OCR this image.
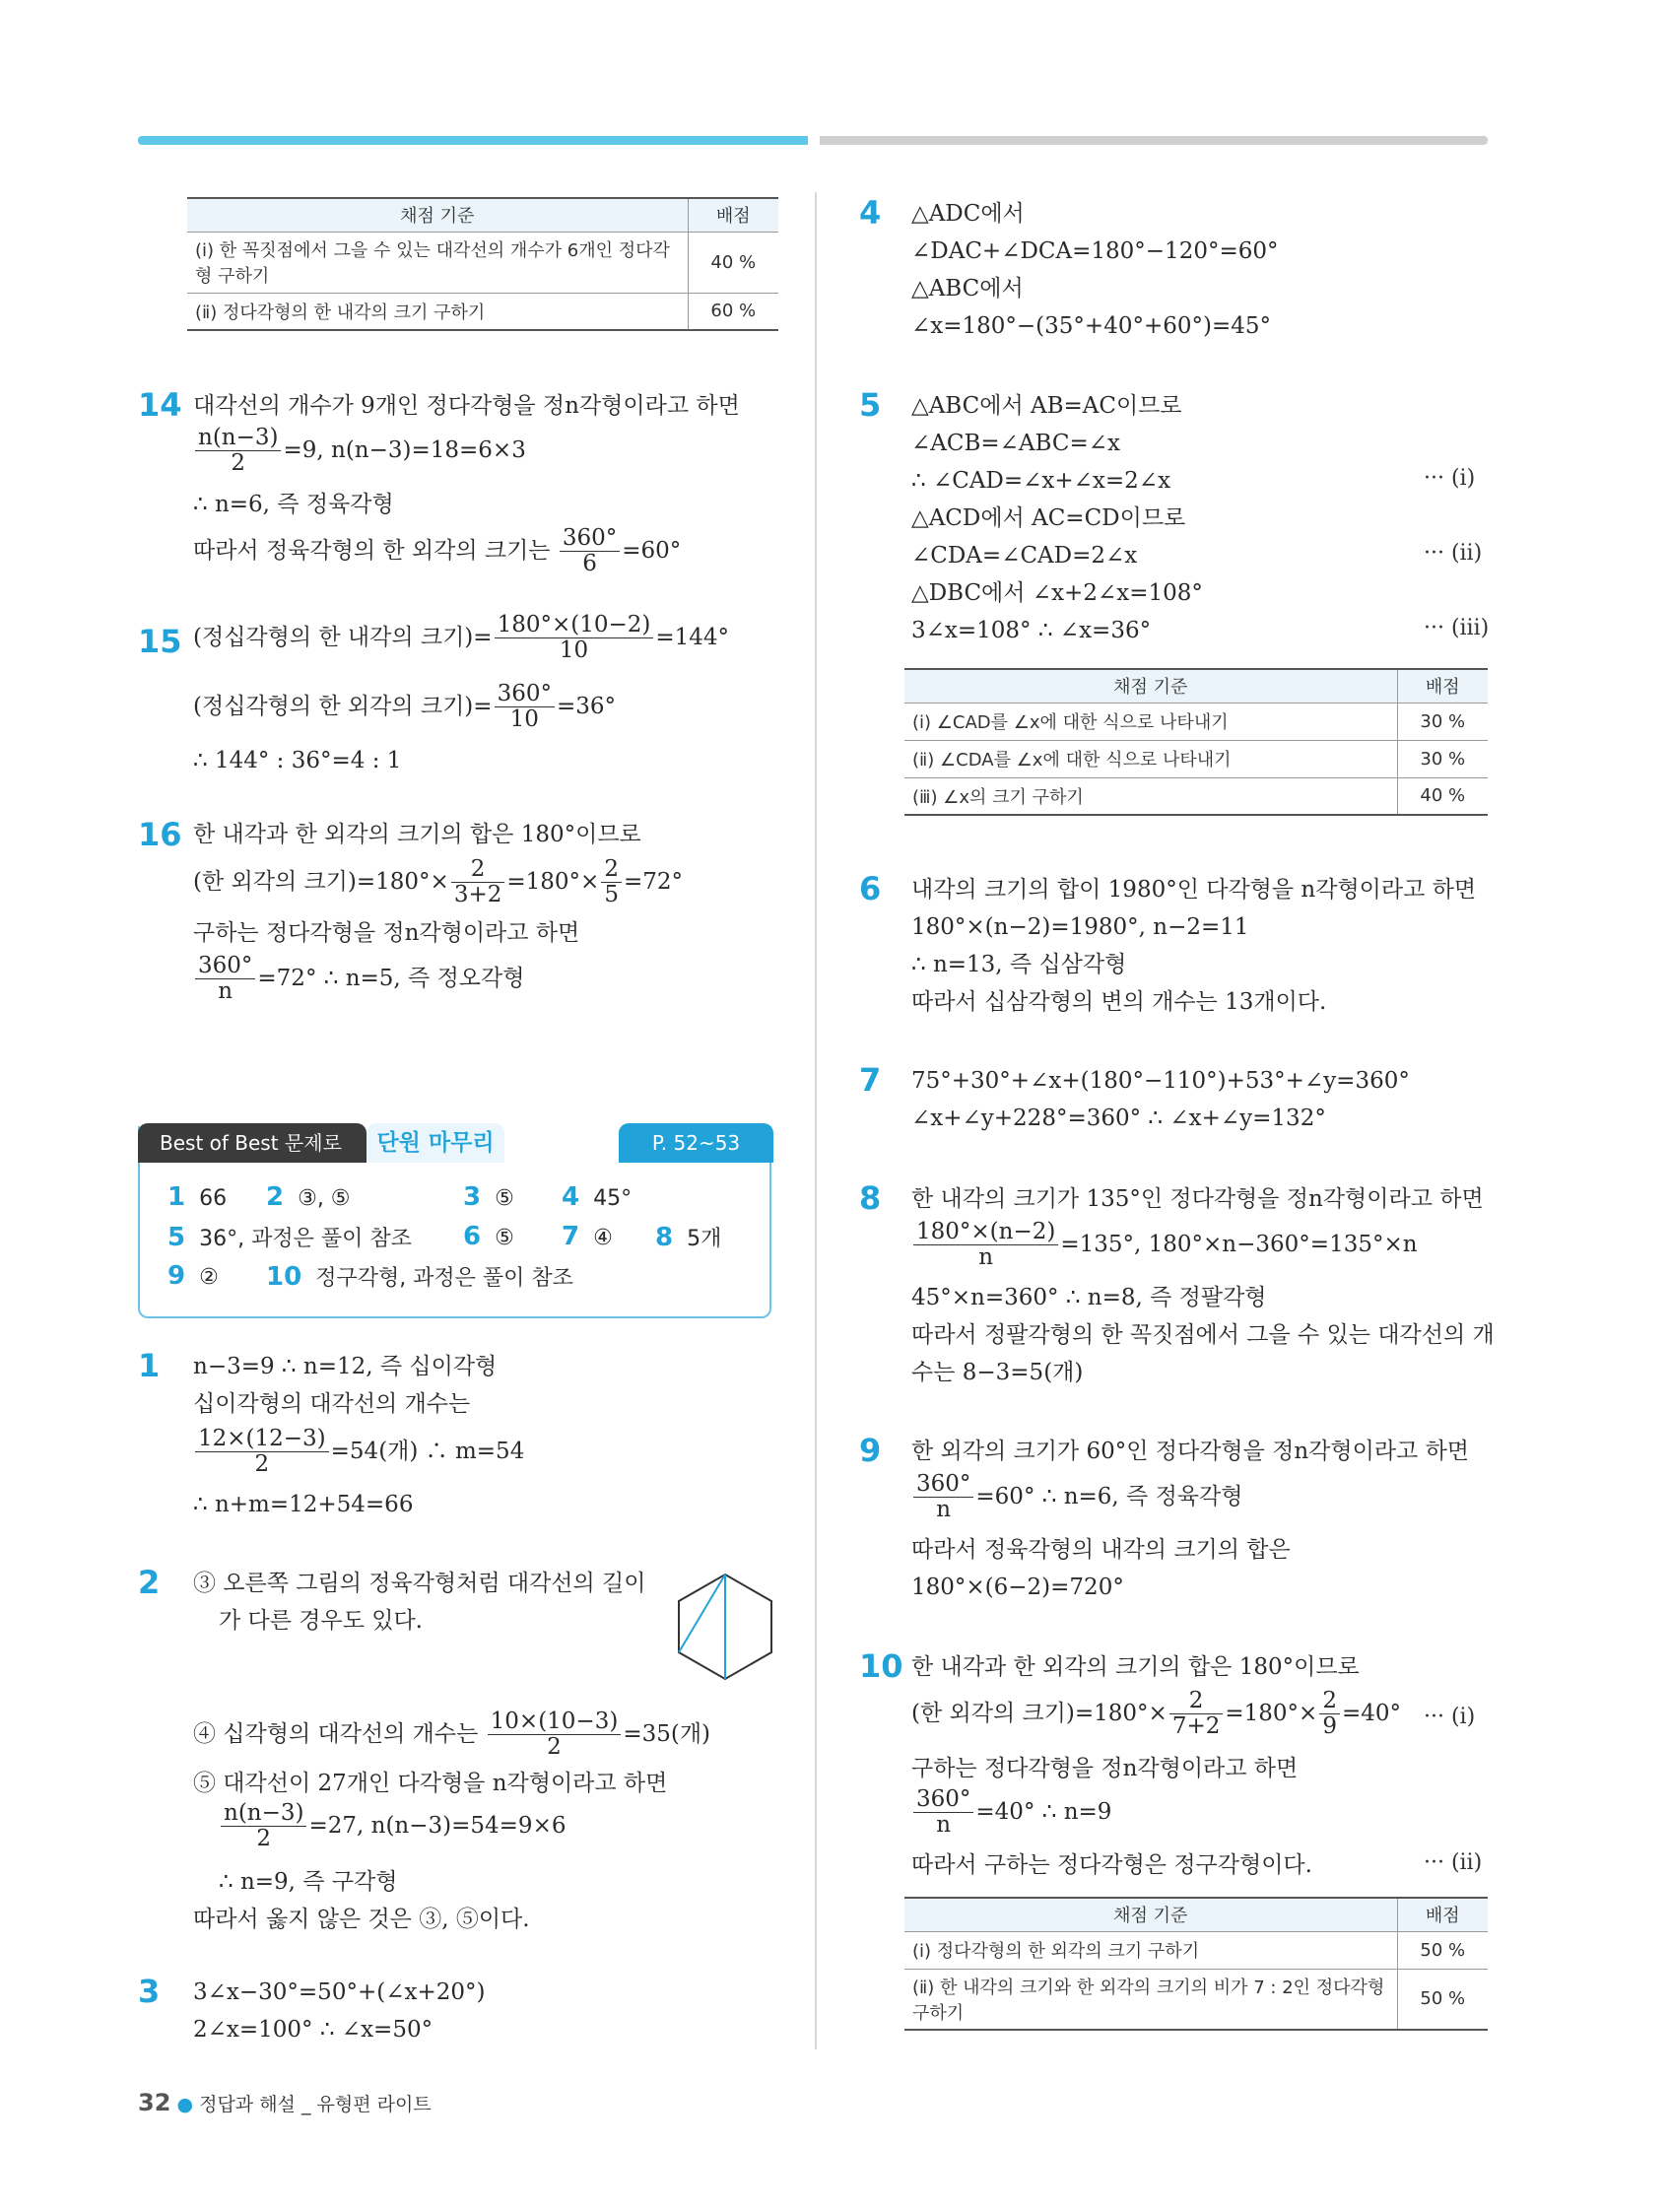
채점 기준	배점
(ⅰ) 한 꼭짓점에서 그을 수 있는 대각선의 개수가 6개인 정다각형 구하기	40 %
(ⅱ) 정다각형의 한 내각의 크기 구하기	60 %
14 대각선의 개수가 9개인 정다각형을 정n각형이라고 하면
$\frac{n(n-3)}{2} =9$, n(n−3)=18=6×3
∴ n=6, 즉 정육각형
따라서 정육각형의 한 외각의 크기는 $\frac{360^\circ}{6} =60^\circ$
15 (정십각형의 한 내각의 크기)= $\frac{180^\circ\times(10-2)}{10} =144^\circ$
(정십각형의 한 외각의 크기)= $\frac{360^\circ}{10} =36^\circ$
∴ 144° : 36°=4 : 1
16 한 내각과 한 외각의 크기의 합은 180°이므로
(한 외각의 크기)$=180^\circ\times \frac{2}{3+2} =180^\circ\times \frac{2}{5} =72^\circ$
구하는 정다각형을 정n각형이라고 하면
$\frac{360^\circ}{n} =72^\circ$ ∴ n=5, 즉 정오각형
Best of Best 문제로	단원 마무리	P. 52~53
1 66 2 ③, ⑤	3 ⑤ 4 45°
5 36°, 과정은 풀이 참조 6 ⑤ 7 ④ 8 5개
9 ② 10 정구각형, 과정은 풀이 참조
1 n−3=9 ∴ n=12, 즉 십이각형
십이각형의 대각선의 개수는
$\frac{12\times(12-3)}{2} =54$(개) ∴ m=54
∴ n+m=12+54=66
2 ③ 오른쪽 그림의 정육각형처럼 대각선의 길이
가 다른 경우도 있다.
④ 십각형의 대각선의 개수는 $\frac{10\times(10-3)}{2} =35$(개)
⑤ 대각선이 27개인 다각형을 n각형이라고 하면
$\frac{n(n-3)}{2} =27$, n(n−3)=54=9×6
∴ n=9, 즉 구각형
따라서 옳지 않은 것은 ③, ⑤이다.
3 3∠x−30°=50°+(∠x+20°)
2∠x=100° ∴ ∠x=50°
4 △ADC에서
∠DAC+∠DCA=180°−120°=60°
△ABC에서
∠x=180°−(35°+40°+60°)=45°
5 △ABC에서 AB=AC이므로
∠ACB=∠ABC=∠x
∴ ∠CAD=∠x+∠x=2∠x	··· (ⅰ)
△ACD에서 AC=CD이므로
∠CDA=∠CAD=2∠x	··· (ⅱ)
△DBC에서 ∠x+2∠x=108°
3∠x=108° ∴ ∠x=36°	··· (ⅲ)
채점 기준	배점
(ⅰ) ∠CAD를 ∠x에 대한 식으로 나타내기	30 %
(ⅱ) ∠CDA를 ∠x에 대한 식으로 나타내기	30 %
(ⅲ) ∠x의 크기 구하기	40 %
6 내각의 크기의 합이 1980°인 다각형을 n각형이라고 하면
180°×(n−2)=1980°, n−2=11
∴ n=13, 즉 십삼각형
따라서 십삼각형의 변의 개수는 13개이다.
7 75°+30°+∠x+(180°−110°)+53°+∠y=360°
∠x+∠y+228°=360° ∴ ∠x+∠y=132°
8 한 내각의 크기가 135°인 정다각형을 정n각형이라고 하면
$\frac{180^\circ\times(n-2)}{n} =135^\circ$, 180°×n−360°=135°×n
45°×n=360° ∴ n=8, 즉 정팔각형
따라서 정팔각형의 한 꼭짓점에서 그을 수 있는 대각선의 개
수는 8−3=5(개)
9 한 외각의 크기가 60°인 정다각형을 정n각형이라고 하면
$\frac{360^\circ}{n} =60^\circ$ ∴ n=6, 즉 정육각형
따라서 정육각형의 내각의 크기의 합은
180°×(6−2)=720°
10 한 내각과 한 외각의 크기의 합은 180°이므로
(한 외각의 크기)$=180^\circ\times \frac{2}{7+2} =180^\circ\times \frac{2}{9} =40^\circ$ ··· (ⅰ)
구하는 정다각형을 정n각형이라고 하면
$\frac{360^\circ}{n} =40^\circ$ ∴ n=9
따라서 구하는 정다각형은 정구각형이다.	··· (ⅱ)
채점 기준	배점
(ⅰ) 정다각형의 한 외각의 크기 구하기	50 %
(ⅱ) 한 내각의 크기와 한 외각의 크기의 비가 7 : 2인 정다각형 구하기	50 %
32 ● 정답과 해설 _ 유형편 라이트
